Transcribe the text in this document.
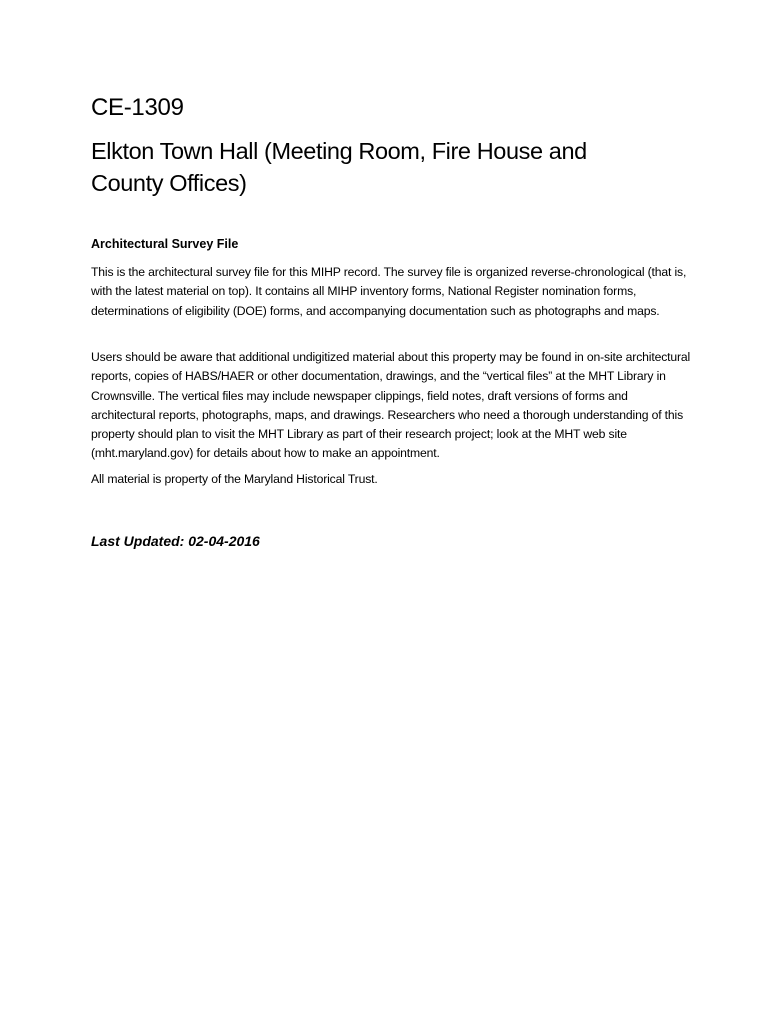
CE-1309
Elkton Town Hall (Meeting Room, Fire House and County Offices)
Architectural Survey File

This is the architectural survey file for this MIHP record. The survey file is organized reverse-chronological (that is, with the latest material on top). It contains all MIHP inventory forms, National Register nomination forms, determinations of eligibility (DOE) forms, and accompanying documentation such as photographs and maps.

Users should be aware that additional undigitized material about this property may be found in on-site architectural reports, copies of HABS/HAER or other documentation, drawings, and the “vertical files” at the MHT Library in Crownsville. The vertical files may include newspaper clippings, field notes, draft versions of forms and architectural reports, photographs, maps, and drawings. Researchers who need a thorough understanding of this property should plan to visit the MHT Library as part of their research project; look at the MHT web site (mht.maryland.gov) for details about how to make an appointment.

All material is property of the Maryland Historical Trust.

Last Updated: 02-04-2016
